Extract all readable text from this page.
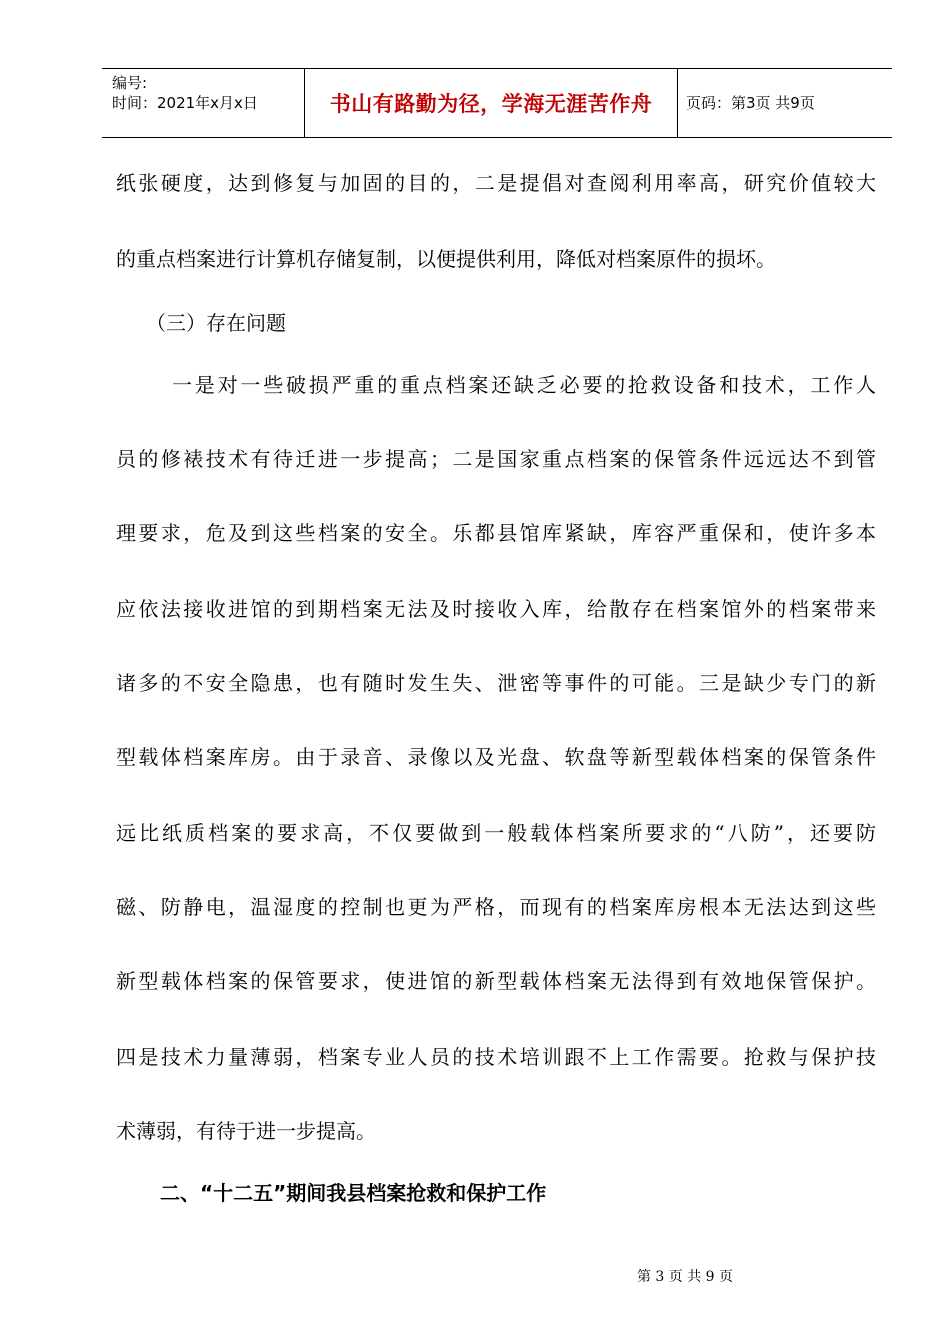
编号:
时间：2021年x月x日	书山有路勤为径，学海无涯苦作舟 页码：第3页 共9页
纸张硬度，达到修复与加固的目的，二是提倡对查阅利用率高，研究价值较大
的重点档案进行计算机存储复制，以便提供利用，降低对档案原件的损坏。
（三）存在问题
一是对一些破损严重的重点档案还缺乏必要的抢救设备和技术，工作人
员的修裱技术有待迁进一步提高；二是国家重点档案的保管条件远远达不到管
理要求，危及到这些档案的安全。乐都县馆库紧缺，库容严重保和，使许多本
应依法接收进馆的到期档案无法及时接收入库，给散存在档案馆外的档案带来
诸多的不安全隐患，也有随时发生失、泄密等事件的可能。三是缺少专门的新
型载体档案库房。由于录音、录像以及光盘、软盘等新型载体档案的保管条件
远比纸质档案的要求高，不仅要做到一般载体档案所要求的“八防”，还要防
磁、防静电，温湿度的控制也更为严格，而现有的档案库房根本无法达到这些
新型载体档案的保管要求，使进馆的新型载体档案无法得到有效地保管保护。
四是技术力量薄弱，档案专业人员的技术培训跟不上工作需要。抢救与保护技
术薄弱，有待于进一步提高。
二、“十二五”期间我县档案抢救和保护工作
第 3 页 共 9 页
